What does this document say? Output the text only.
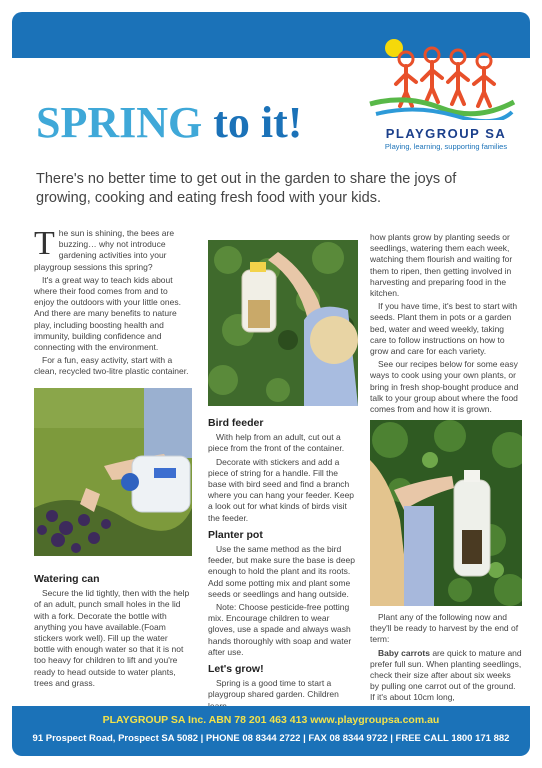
SPRING to it!	PLAYGROUP SA
Playing, learning, supporting families

There's no better time to get out in the garden to share the joys of growing, cooking and eating fresh food with your kids.

The sun is shining, the bees are buzzing… why not introduce gardening activities into your playgroup sessions this spring?

It's a great way to teach kids about where their food comes from and to enjoy the outdoors with your little ones. And there are many benefits to nature play, including boosting health and immunity, building confidence and connecting with the environment.

For a fun, easy activity, start with a clean, recycled two-litre plastic container.

Watering can

Secure the lid tightly, then with the help of an adult, punch small holes in the lid with a fork. Decorate the bottle with anything you have available.(Foam stickers work well). Fill up the water bottle with enough water so that it is not too heavy for children to lift and you're ready to head outside to water plants, trees and grass.

Bird feeder

With help from an adult, cut out a piece from the front of the container.

Decorate with stickers and add a piece of string for a handle. Fill the base with bird seed and find a branch where you can hang your feeder. Keep a look out for what kinds of birds visit the feeder.

Planter pot

Use the same method as the bird feeder, but make sure the base is deep enough to hold the plant and its roots. Add some potting mix and plant some seeds or seedlings and hang outside.

Note: Choose pesticide-free potting mix. Encourage children to wear gloves, use a spade and always wash hands thoroughly with soap and water after use.

Let's grow!

Spring is a good time to start a playgroup shared garden. Children

how plants grow by planting seeds or seedlings, watering them each week, watching them flourish and waiting for them to ripen, then getting involved in harvesting and preparing food in the kitchen.

If you have time, it's best to start with seeds. Plant them in pots or a garden bed, water and weed weekly, taking care to follow instructions on how to grow and care for each variety.

See our recipes below for some easy ways to cook using your own plants, or bring in fresh shop-bought produce and talk to your group about where the food comes from and how it is grown.

Plant any of the following now and they'll be ready to harvest by the end of term:

Baby carrots are quick to mature and prefer full sun. When planting seedlings, check their size after about six weeks by pulling one carrot out of the ground. If it's about 10cm long,

PLAYGROUP SA Inc. ABN 78 201 463 413 www.playgroupsa.com.au
91 Prospect Road, Prospect SA 5082 | PHONE 08 8344 2722 | FAX 08 8344 9722 | FREE CALL 1800 171 882
